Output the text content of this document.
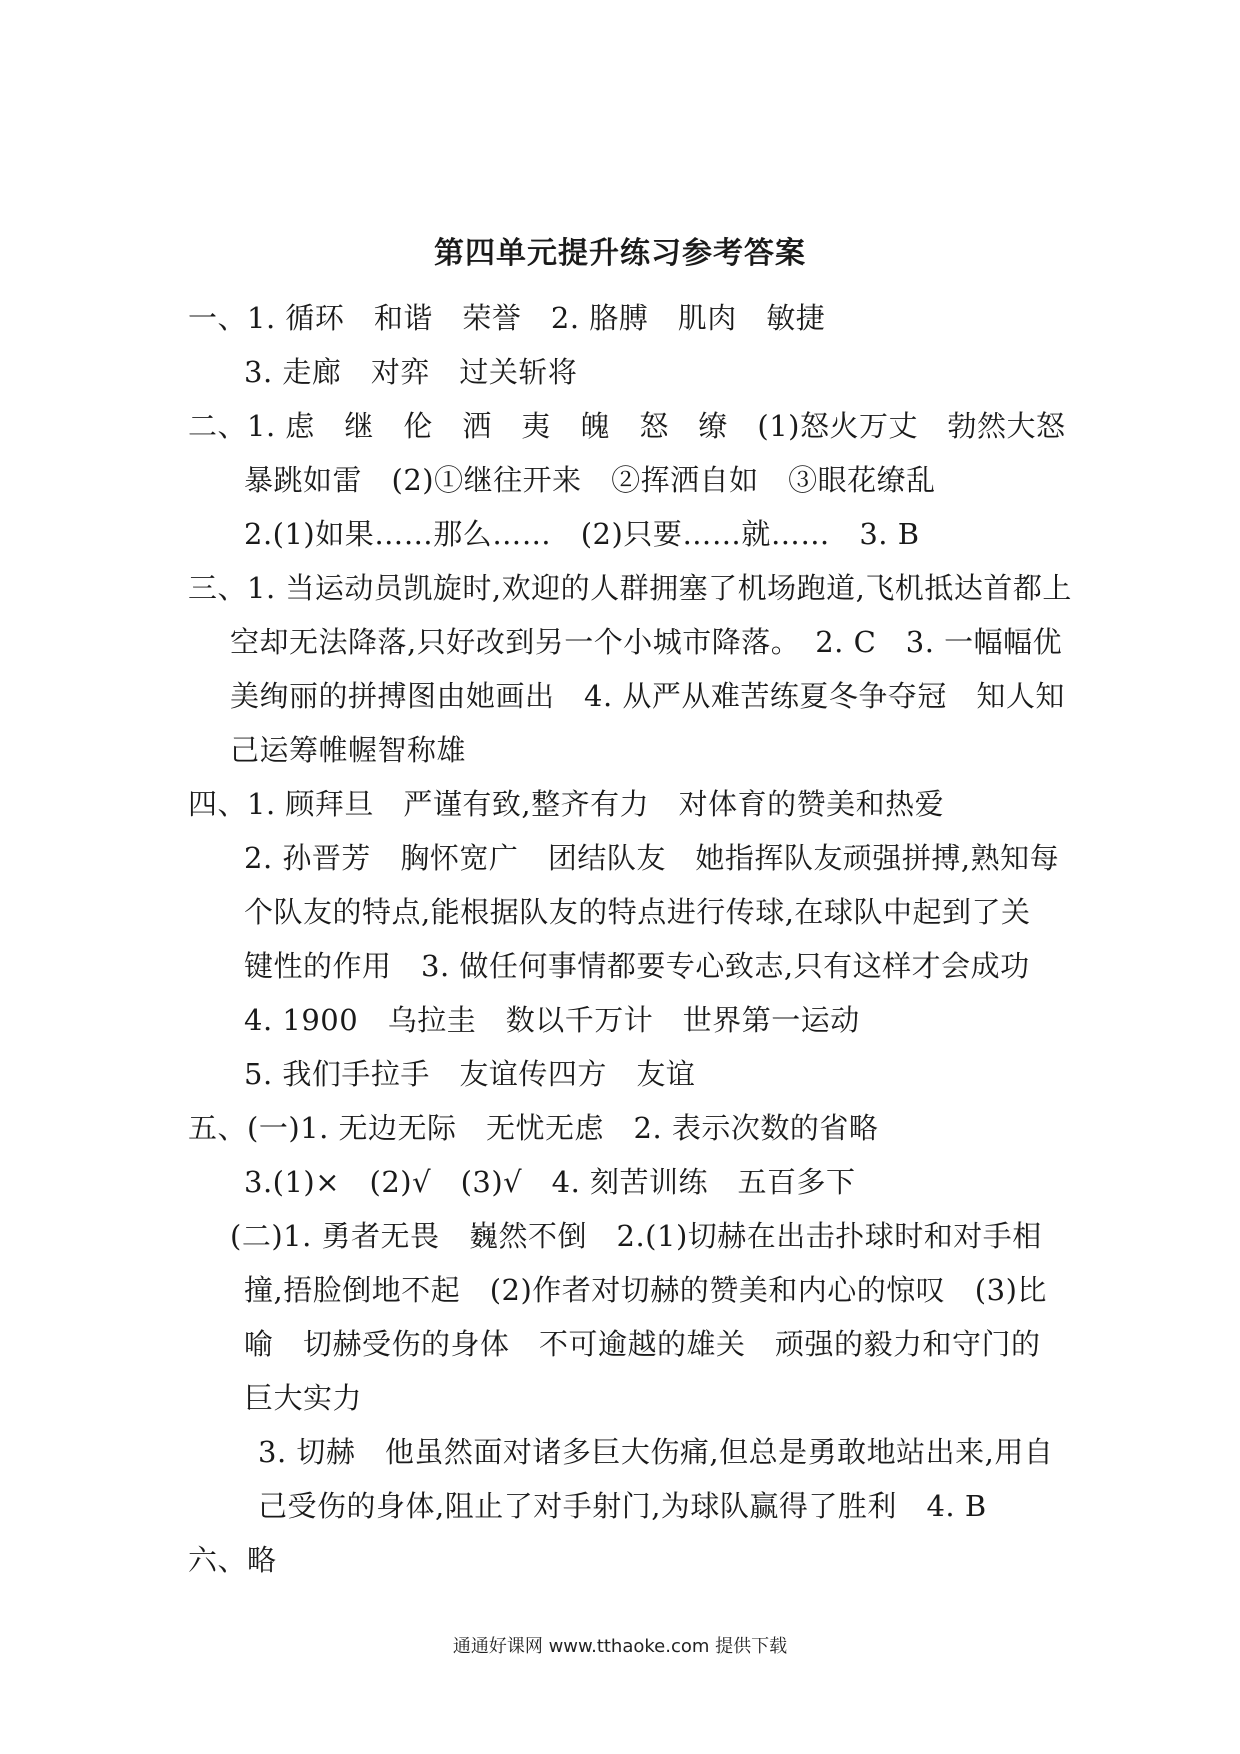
第四单元提升练习参考答案
一、1. 循环　和谐　荣誉　2. 胳膊　肌肉　敏捷
3. 走廊　对弈　过关斩将
二、1. 虑　继　伦　洒　夷　魄　怒　缭　(1)怒火万丈　勃然大怒
暴跳如雷　(2)①继往开来　②挥洒自如　③眼花缭乱
2.(1)如果……那么……　(2)只要……就……　3. B
三、1. 当运动员凯旋时,欢迎的人群拥塞了机场跑道,飞机抵达首都上
空却无法降落,只好改到另一个小城市降落。　2. C　3. 一幅幅优
美绚丽的拼搏图由她画出　4. 从严从难苦练夏冬争夺冠　知人知
己运筹帷幄智称雄
四、1. 顾拜旦　严谨有致,整齐有力　对体育的赞美和热爱
2. 孙晋芳　胸怀宽广　团结队友　她指挥队友顽强拼搏,熟知每
个队友的特点,能根据队友的特点进行传球,在球队中起到了关
键性的作用　3. 做任何事情都要专心致志,只有这样才会成功
4. 1900　乌拉圭　数以千万计　世界第一运动
5. 我们手拉手　友谊传四方　友谊
五、(一)1. 无边无际　无忧无虑　2. 表示次数的省略
3.(1)×　(2)√　(3)√　4. 刻苦训练　五百多下
(二)1. 勇者无畏　巍然不倒　2.(1)切赫在出击扑球时和对手相
撞,捂脸倒地不起　(2)作者对切赫的赞美和内心的惊叹　(3)比
喻　切赫受伤的身体　不可逾越的雄关　顽强的毅力和守门的
巨大实力
3. 切赫　他虽然面对诸多巨大伤痛,但总是勇敢地站出来,用自
己受伤的身体,阻止了对手射门,为球队赢得了胜利　4. B
六、略
通通好课网 www.tthaoke.com 提供下载
